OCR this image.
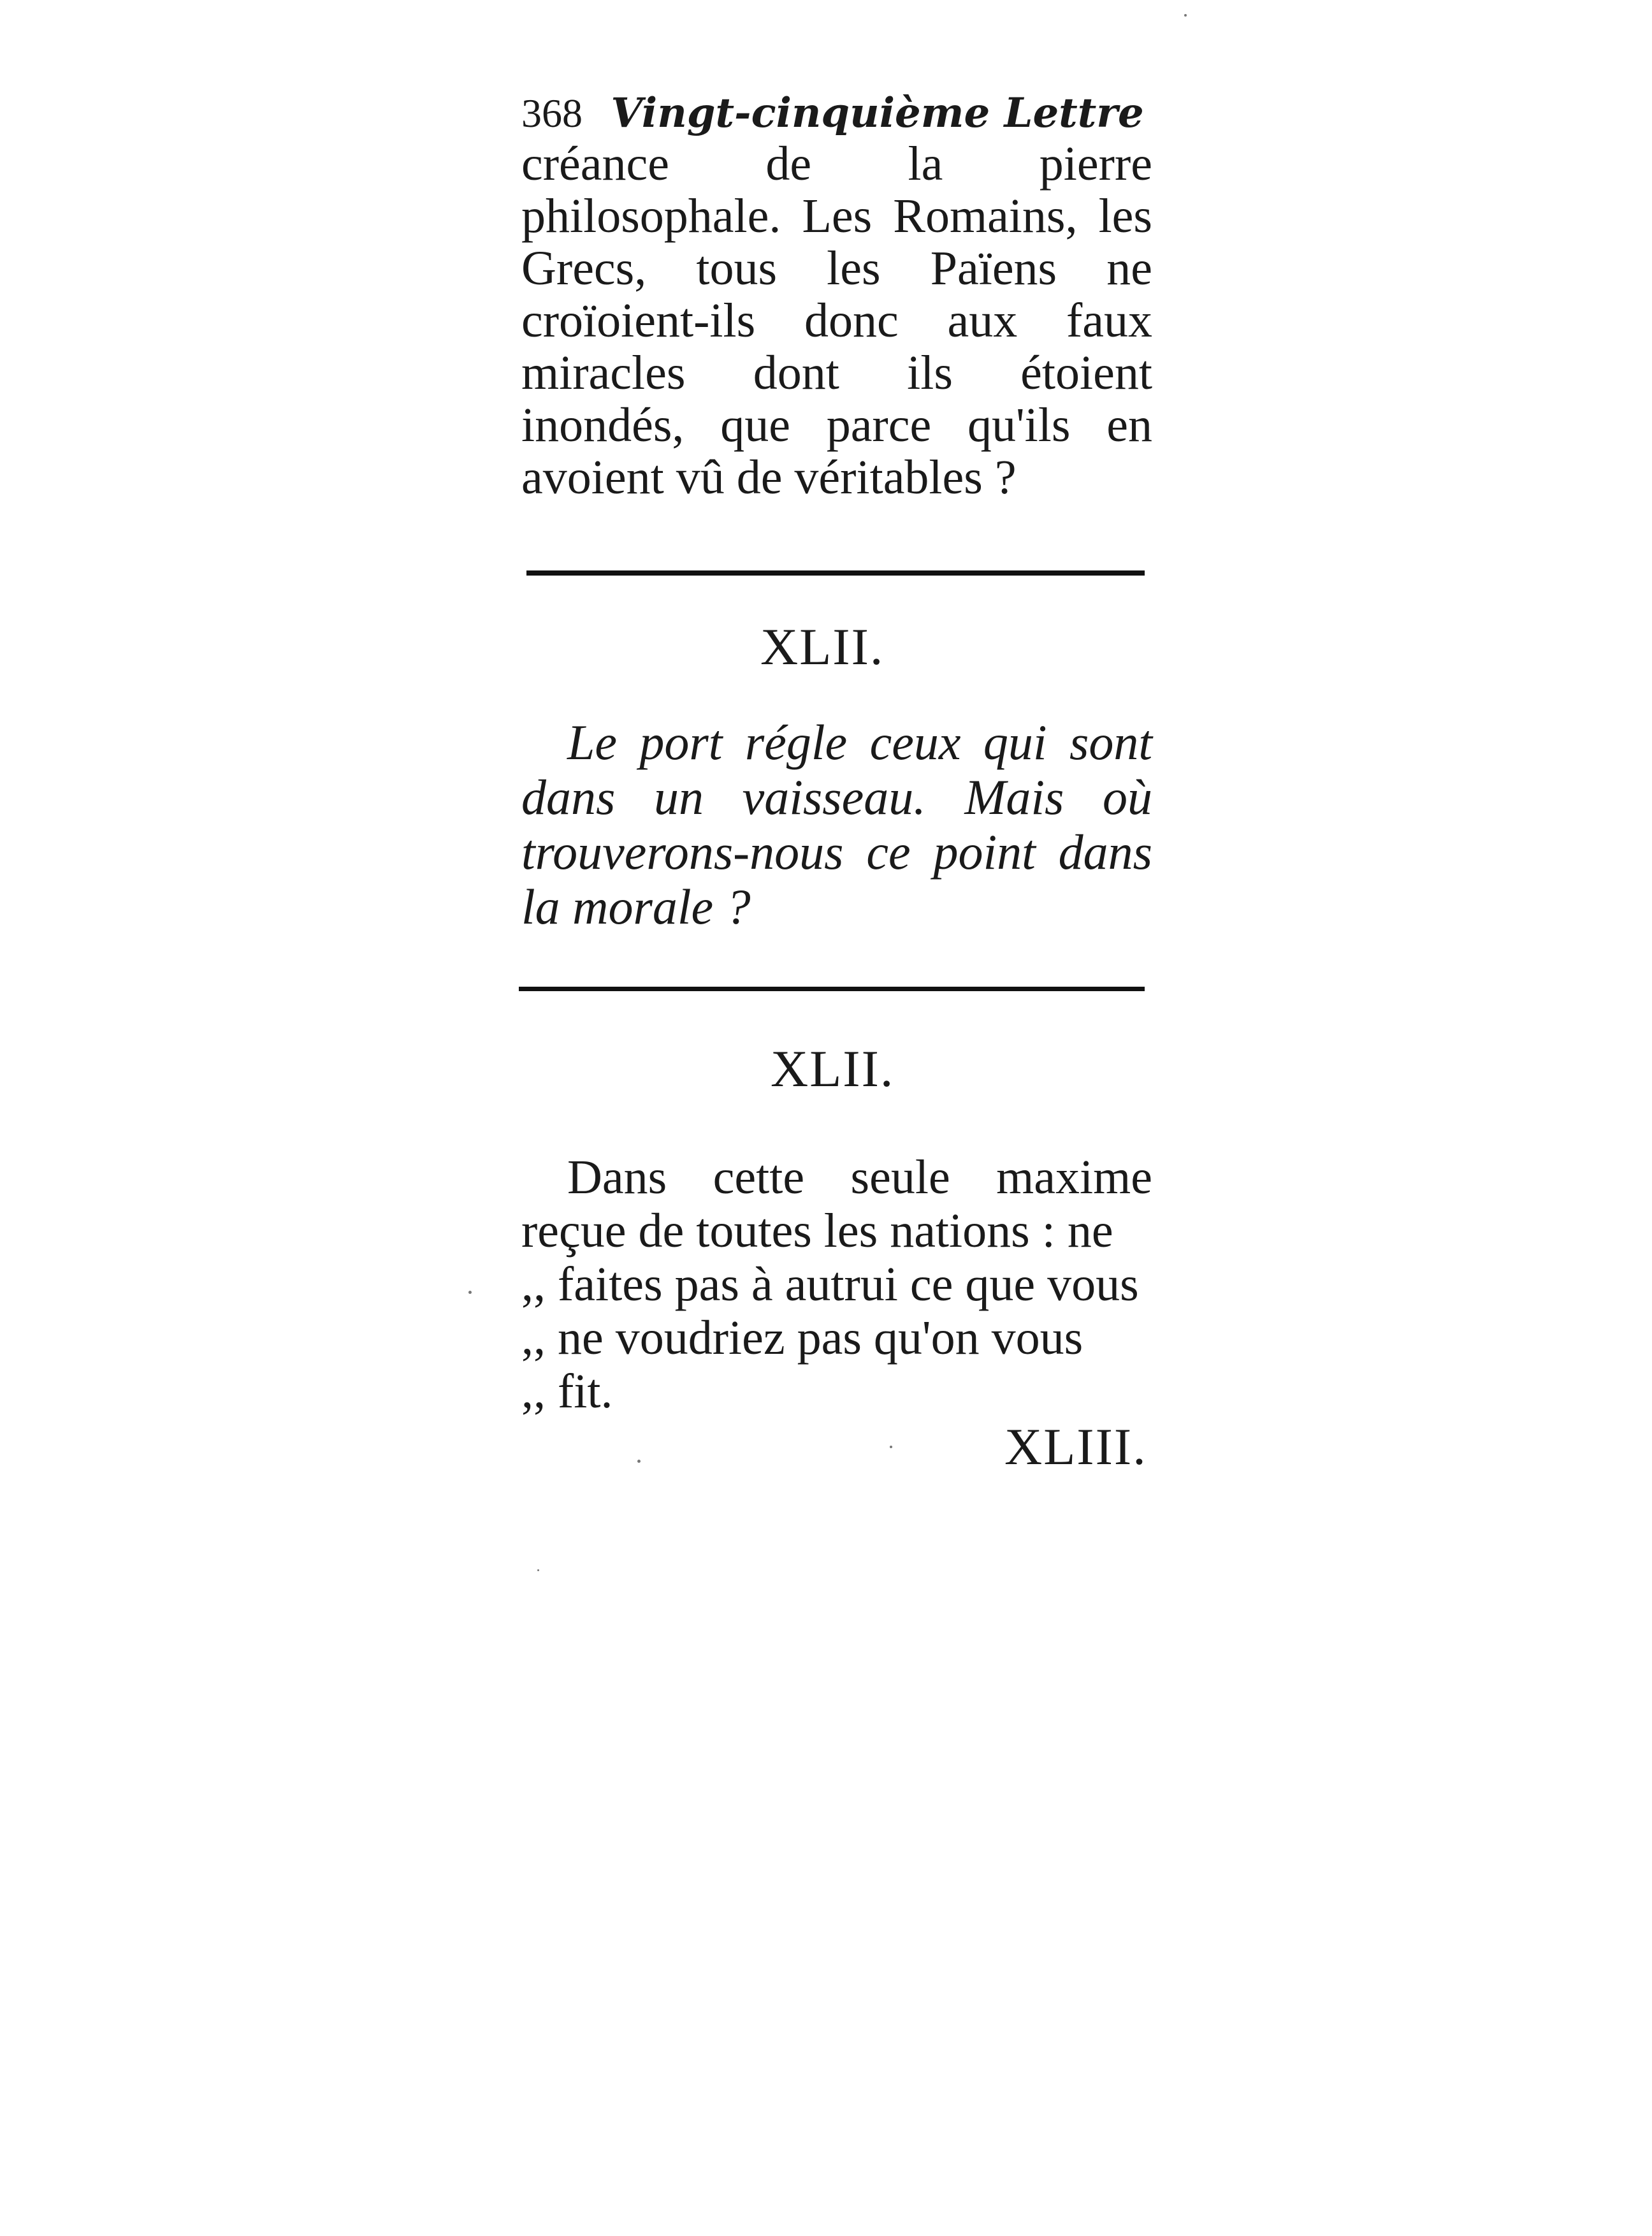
368 Vingt-cinquième Lettre

créance de la pierre philosophale. Les Romains, les Grecs, tous les Païens ne croïoient-ils donc aux faux miracles dont ils étoient inondés, que parce qu'ils en avoient vû de véritables ?

XLII.

Le port régle ceux qui sont dans un vaisseau. Mais où trouverons-nous ce point dans la morale ?

XLII.

Dans cette seule maxime reçue de toutes les nations : ne
,, faites pas à autrui ce que vous
,, ne voudriez pas qu'on vous
,, fit.

XLIII.
